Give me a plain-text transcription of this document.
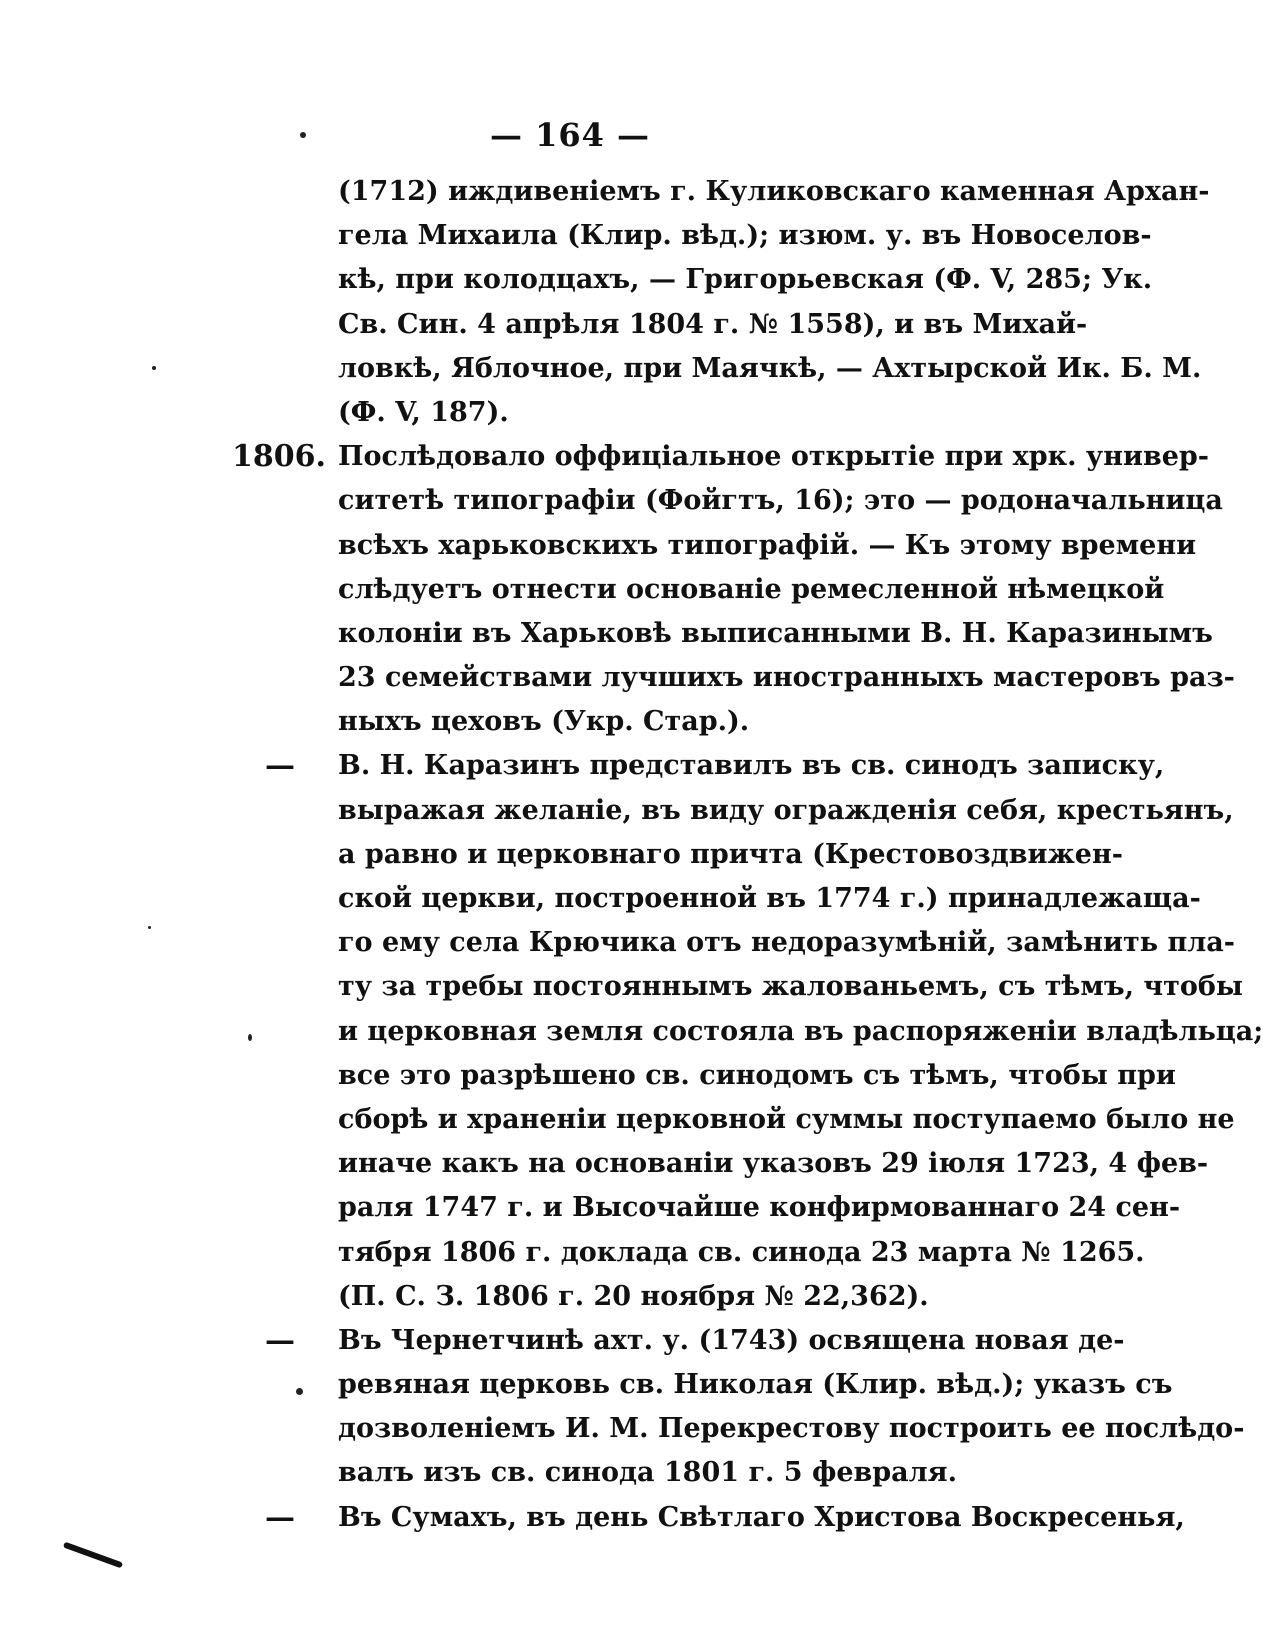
— 164 —
(1712) иждивеніемъ г. Куликовскаго каменная Архан-
гела Михаила (Клир. вѣд.); изюм. у. въ Новоселов-
кѣ, при колодцахъ, — Григорьевская (Ф. V, 285; Ук.
Св. Син. 4 апрѣля 1804 г. № 1558), и въ Михай-
ловкѣ, Яблочное, при Маячкѣ, — Ахтырской Ик. Б. М.
(Ф. V, 187).
1806. Послѣдовало оффиціальное открытіе при хрк. универ-
ситетѣ типографіи (Фойгтъ, 16); это — родоначальница
всѣхъ харьковскихъ типографій. — Къ этому времени
слѣдуетъ отнести основаніе ремесленной нѣмецкой
колоніи въ Харьковѣ выписанными В. Н. Каразинымъ
23 семействами лучшихъ иностранныхъ мастеровъ раз-
ныхъ цеховъ (Укр. Стар.).
—	В. Н. Каразинъ представилъ въ св. синодъ записку,
выражая желаніе, въ виду огражденія себя, крестьянъ,
а равно и церковнаго причта (Крестовоздвижен-
ской церкви, построенной въ 1774 г.) принадлежаща-
го ему села Крючика отъ недоразумѣній, замѣнить пла-
ту за требы постояннымъ жалованьемъ, съ тѣмъ, чтобы
и церковная земля состояла въ распоряженіи владѣльца;
все это разрѣшено св. синодомъ съ тѣмъ, чтобы при
сборѣ и храненіи церковной суммы поступаемо было не
иначе какъ на основаніи указовъ 29 іюля 1723, 4 фев-
раля 1747 г. и Высочайше конфирмованнаго 24 сен-
тября 1806 г. доклада св. синода 23 марта № 1265.
(П. С. З. 1806 г. 20 ноября № 22,362).
—	Въ Чернетчинѣ ахт. у. (1743) освящена новая де-
ревяная церковь св. Николая (Клир. вѣд.); указъ съ
дозволеніемъ И. М. Перекрестову построить ее послѣдо-
валъ изъ св. синода 1801 г. 5 февраля.
—	Въ Сумахъ, въ день Свѣтлаго Христова Воскресенья,
